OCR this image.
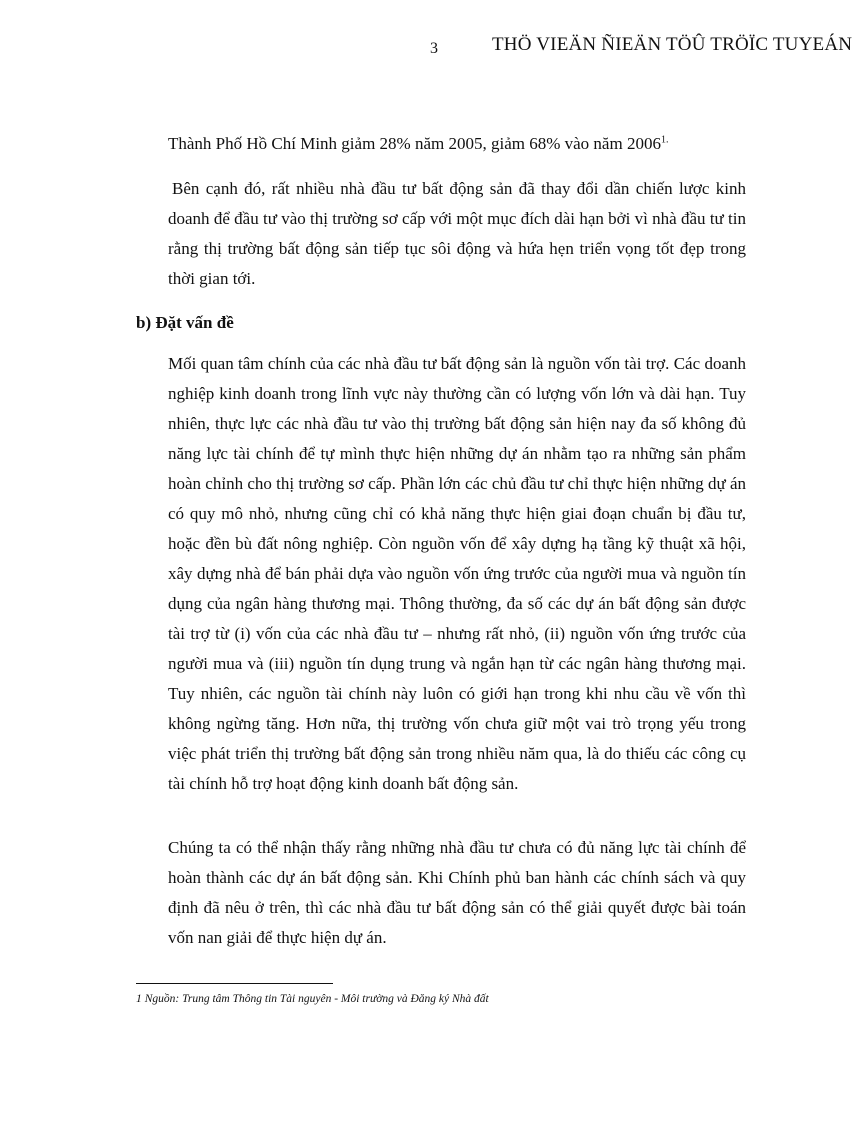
3	THÖ VIEÄN ÑIEÄN TÖÛ TRÖÏC TUYEÁN
Thành Phố Hồ Chí Minh giảm 28% năm 2005, giảm 68% vào năm $2006^{1.}$
Bên cạnh đó, rất nhiều nhà đầu tư bất động sản đã thay đổi dần chiến lược kinh doanh để đầu tư vào thị trường sơ cấp với một mục đích dài hạn bởi vì nhà đầu tư tin rằng thị trường bất động sản tiếp tục sôi động và hứa hẹn triển vọng tốt đẹp trong thời gian tới.
b) Đặt vấn đề
Mối quan tâm chính của các nhà đầu tư bất động sản là nguồn vốn tài trợ. Các doanh nghiệp kinh doanh trong lĩnh vực này thường cần có lượng vốn lớn và dài hạn. Tuy nhiên, thực lực các nhà đầu tư vào thị trường bất động sản hiện nay đa số không đủ năng lực tài chính để tự mình thực hiện những dự án nhằm tạo ra những sản phẩm hoàn chỉnh cho thị trường sơ cấp. Phần lớn các chủ đầu tư chỉ thực hiện những dự án có quy mô nhỏ, nhưng cũng chỉ có khả năng thực hiện giai đoạn chuẩn bị đầu tư, hoặc đền bù đất nông nghiệp. Còn nguồn vốn để xây dựng hạ tầng kỹ thuật xã hội, xây dựng nhà để bán phải dựa vào nguồn vốn ứng trước của người mua và nguồn tín dụng của ngân hàng thương mại. Thông thường, đa số các dự án bất động sản được tài trợ từ (i) vốn của các nhà đầu tư – nhưng rất nhỏ, (ii) nguồn vốn ứng trước của người mua và (iii) nguồn tín dụng trung và ngắn hạn từ các ngân hàng thương mại. Tuy nhiên, các nguồn tài chính này luôn có giới hạn trong khi nhu cầu về vốn thì không ngừng tăng. Hơn nữa, thị trường vốn chưa giữ một vai trò trọng yếu trong việc phát triển thị trường bất động sản trong nhiều năm qua, là do thiếu các công cụ tài chính hỗ trợ hoạt động kinh doanh bất động sản.
Chúng ta có thể nhận thấy rằng những nhà đầu tư chưa có đủ năng lực tài chính để hoàn thành các dự án bất động sản. Khi Chính phủ ban hành các chính sách và quy định đã nêu ở trên, thì các nhà đầu tư bất động sản có thể giải quyết được bài toán vốn nan giải để thực hiện dự án.
1 Nguồn: Trung tâm Thông tin Tài nguyên - Môi trường và Đăng ký Nhà đất
